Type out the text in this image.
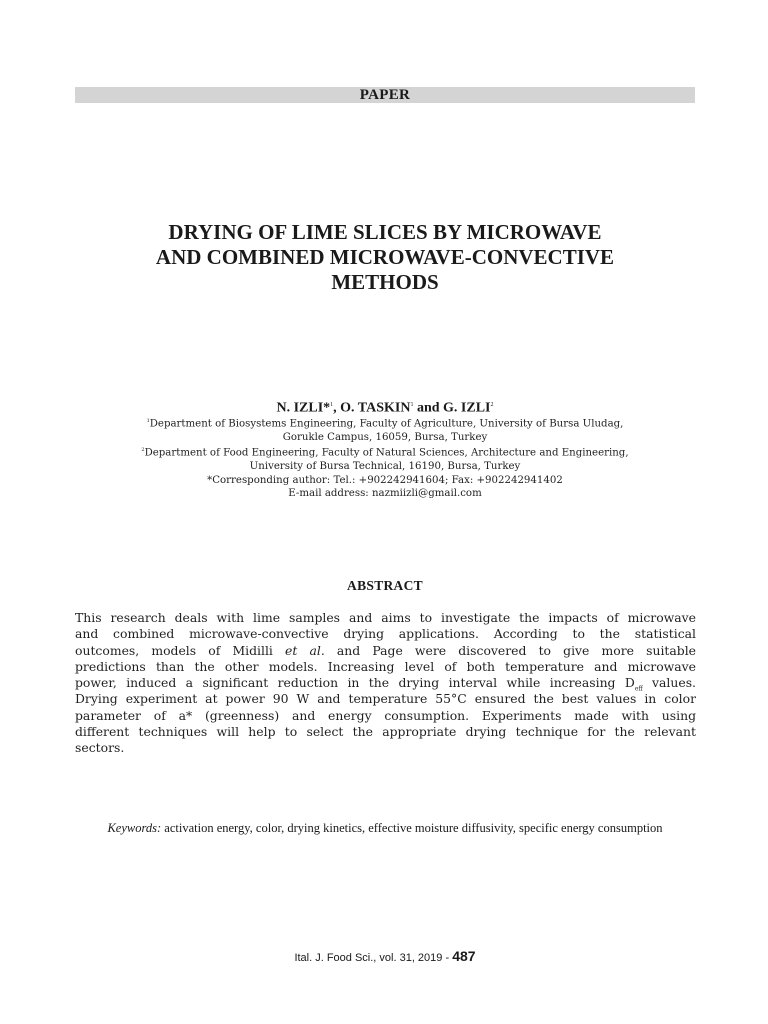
PAPER
DRYING OF LIME SLICES BY MICROWAVE
AND COMBINED MICROWAVE-CONVECTIVE
METHODS
N. IZLI*$^1$, O. TASKIN$^1$ and G. IZLI$^2$
$^1$Department of Biosystems Engineering, Faculty of Agriculture, University of Bursa Uludag,
Gorukle Campus, 16059, Bursa, Turkey
$^2$Department of Food Engineering, Faculty of Natural Sciences, Architecture and Engineering,
University of Bursa Technical, 16190, Bursa, Turkey
*Corresponding author: Tel.: +902242941604; Fax: +902242941402
E-mail address: nazmiizli@gmail.com
ABSTRACT
This research deals with lime samples and aims to investigate the impacts of microwave
and combined microwave-convective drying applications. According to the statistical
outcomes, models of Midilli et al. and Page were discovered to give more suitable
predictions than the other models. Increasing level of both temperature and microwave
power, induced a significant reduction in the drying interval while increasing $D_{eff}$ values.
Drying experiment at power 90 W and temperature 55°C ensured the best values in color
parameter of a* (greenness) and energy consumption. Experiments made with using
different techniques will help to select the appropriate drying technique for the relevant
sectors.
Keywords: activation energy, color, drying kinetics, effective moisture diffusivity, specific energy consumption
Ital. J. Food Sci., vol. 31, 2019 - 487
